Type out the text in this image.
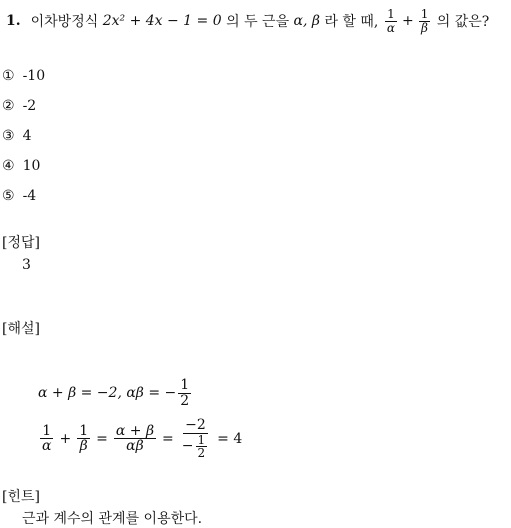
1. 이차방정식
2x² + 4x − 1 = 0
의 두 근을
α, β
라 할 때,
$\frac{1}{\alpha} + \frac{1}{\beta}$
의 값은?
① -10
② -2
③ 4
④ 10
⑤ -4
[정답]
3
[해설]
α + β = −2, αβ = − $\frac{1}{2}$
$\frac{1}{\alpha} + \frac{1}{\beta} = \frac{\alpha + \beta}{\alpha\beta} = \frac{-2}{- \frac{1}{2}} = 4$
[힌트]
근과 계수의 관계를 이용한다.
